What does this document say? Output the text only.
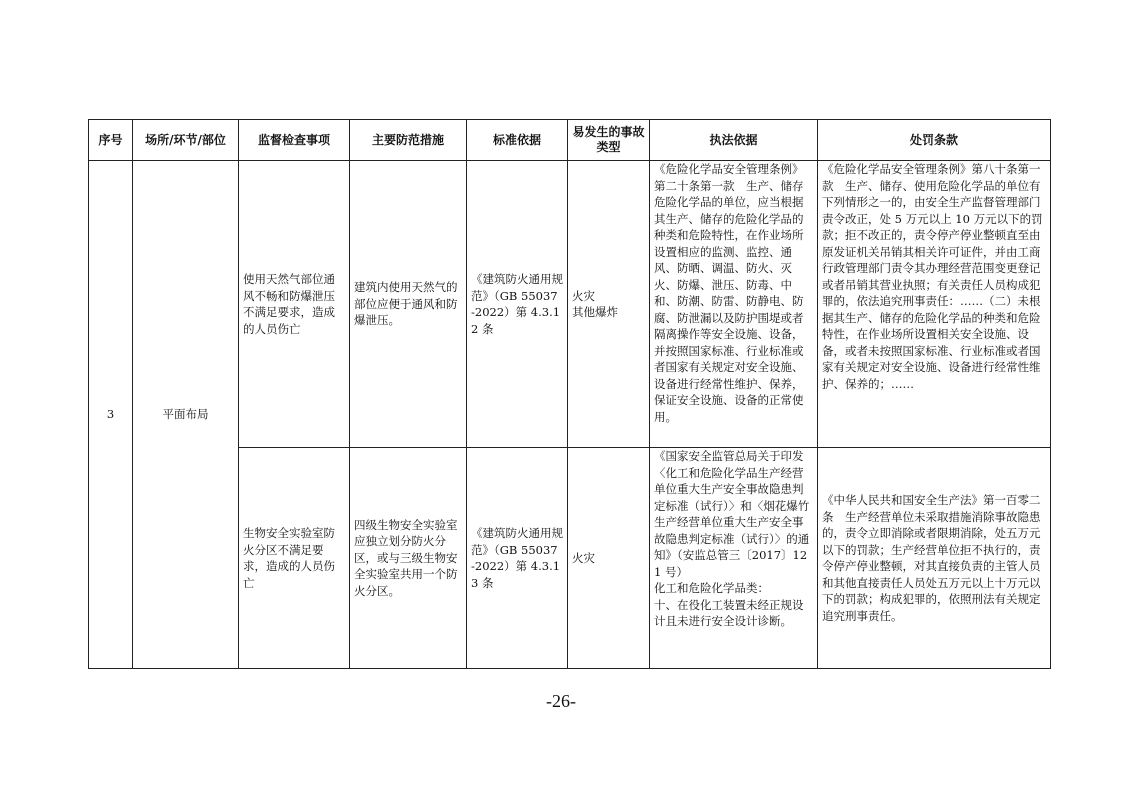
序号	场所/环节/部位	监督检查事项	主要防范措施	标准依据	易发生的事故类型	执法依据	处罚条款
3	平面布局	使用天然气部位通风不畅和防爆泄压不满足要求，造成的人员伤亡	建筑内使用天然气的部位应便于通风和防爆泄压。	《建筑防火通用规范》（GB 55037 -2022）第 4.3.12 条	火灾
其他爆炸	《危险化学品安全管理条例》第二十条第一款　生产、储存危险化学品的单位，应当根据其生产、储存的危险化学品的种类和危险特性，在作业场所设置相应的监测、监控、通风、防晒、调温、防火、灭火、防爆、泄压、防毒、中和、防潮、防雷、防静电、防腐、防泄漏以及防护围堤或者隔离操作等安全设施、设备，并按照国家标准、行业标准或者国家有关规定对安全设施、设备进行经常性维护、保养，保证安全设施、设备的正常使用。	《危险化学品安全管理条例》第八十条第一款　生产、储存、使用危险化学品的单位有下列情形之一的，由安全生产监督管理部门责令改正，处 5 万元以上 10 万元以下的罚款；拒不改正的，责令停产停业整顿直至由原发证机关吊销其相关许可证件，并由工商行政管理部门责令其办理经营范围变更登记或者吊销其营业执照；有关责任人员构成犯罪的，依法追究刑事责任：……（二）未根据其生产、储存的危险化学品的种类和危险特性，在作业场所设置相关安全设施、设备，或者未按照国家标准、行业标准或者国家有关规定对安全设施、设备进行经常性维护、保养的；……
		生物安全实验室防火分区不满足要求，造成的人员伤亡	四级生物安全实验室应独立划分防火分区，或与三级生物安全实验室共用一个防火分区。	《建筑防火通用规范》（GB 55037 -2022）第 4.3.13 条	火灾	《国家安全监管总局关于印发〈化工和危险化学品生产经营单位重大生产安全事故隐患判定标准（试行）〉和〈烟花爆竹生产经营单位重大生产安全事故隐患判定标准（试行）〉的通知》（安监总管三〔2017〕121 号）
化工和危险化学品类：
十、在役化工装置未经正规设计且未进行安全设计诊断。	《中华人民共和国安全生产法》第一百零二条　生产经营单位未采取措施消除事故隐患的，责令立即消除或者限期消除，处五万元以下的罚款；生产经营单位拒不执行的，责令停产停业整顿，对其直接负责的主管人员和其他直接责任人员处五万元以上十万元以下的罚款；构成犯罪的，依照刑法有关规定追究刑事责任。
-26-
